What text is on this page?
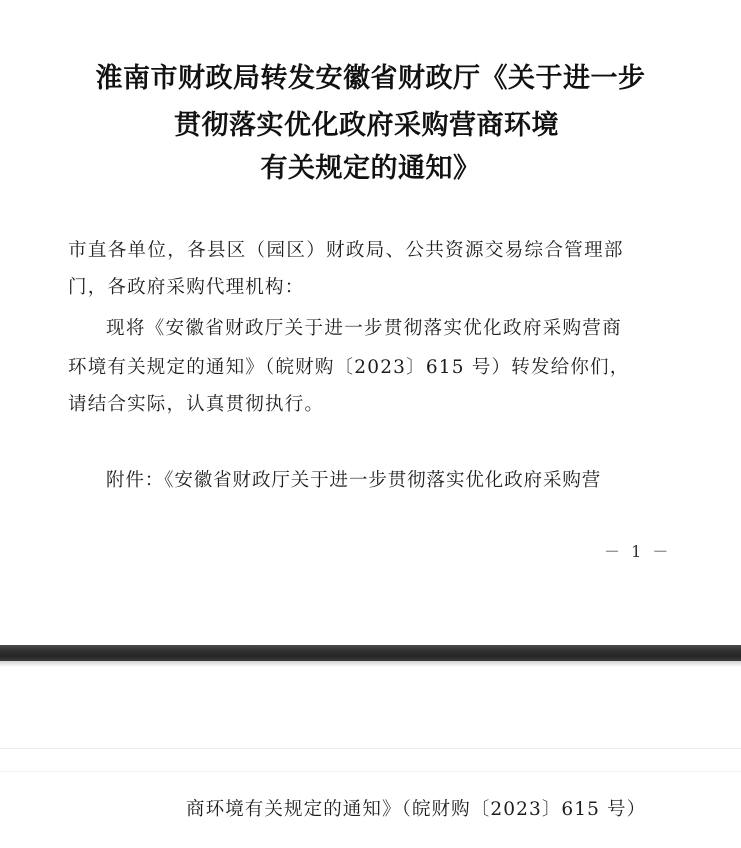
淮南市财政局转发安徽省财政厅《关于进一步
贯彻落实优化政府采购营商环境
有关规定的通知》
市直各单位，各县区（园区）财政局、公共资源交易综合管理部
门，各政府采购代理机构：
现将《安徽省财政厅关于进一步贯彻落实优化政府采购营商
环境有关规定的通知》（皖财购〔2023〕615 号）转发给你们，
请结合实际，认真贯彻执行。
附件：《安徽省财政厅关于进一步贯彻落实优化政府采购营
－ 1 －
商环境有关规定的通知》（皖财购〔2023〕615 号）
